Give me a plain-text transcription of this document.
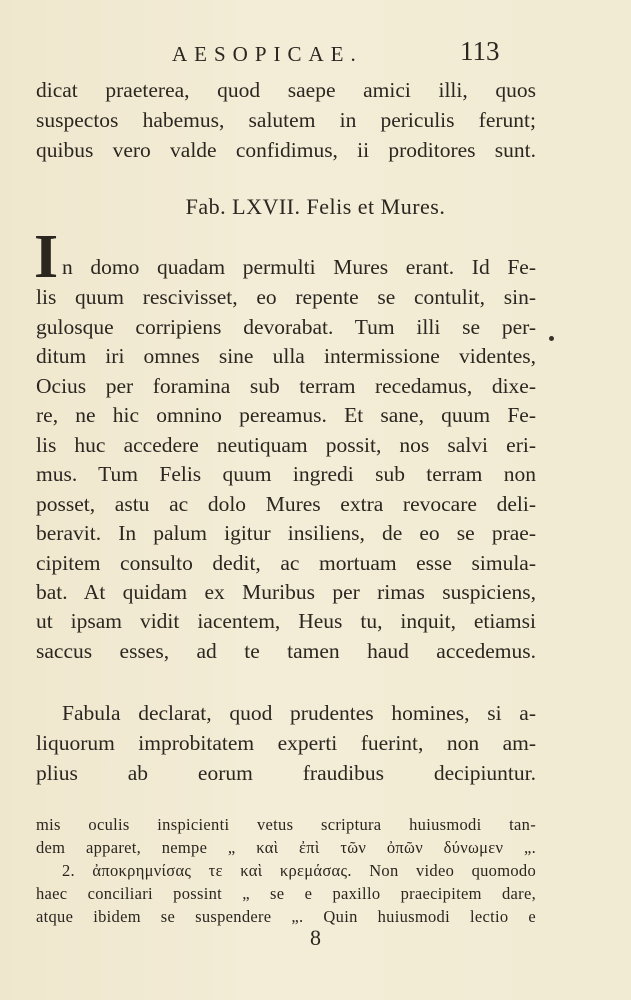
AESOPICAE.	113
dicat praeterea, quod saepe amici illi, quos
suspectos habemus, salutem in periculis ferunt;
quibus vero valde confidimus, ii proditores sunt.
Fab. LXVII. Felis et Mures.
I n domo quadam permulti Mures erant. Id Fe-
lis quum rescivisset, eo repente se contulit, sin-
gulosque corripiens devorabat. Tum illi se per-
ditum iri omnes sine ulla intermissione videntes,
Ocius per foramina sub terram recedamus, dixe-
re, ne hic omnino pereamus. Et sane, quum Fe-
lis huc accedere neutiquam possit, nos salvi eri-
mus. Tum Felis quum ingredi sub terram non
posset, astu ac dolo Mures extra revocare deli-
beravit. In palum igitur insiliens, de eo se prae-
cipitem consulto dedit, ac mortuam esse simula-
bat. At quidam ex Muribus per rimas suspiciens,
ut ipsam vidit iacentem, Heus tu, inquit, etiamsi
saccus esses, ad te tamen haud accedemus.
Fabula declarat, quod prudentes homines, si a-
liquorum improbitatem experti fuerint, non am-
plius ab eorum fraudibus decipiuntur.
mis oculis inspicienti vetus scriptura huiusmodi tan-
dem apparet, nempe „ καὶ ἐπὶ τῶν ὀπῶν δύνωμεν „.
2. ἀποκρημνίσας τε καὶ κρεμάσας. Non video quomodo
haec conciliari possint „ se e paxillo praecipitem dare,
atque ibidem se suspendere „. Quin huiusmodi lectio e
8
